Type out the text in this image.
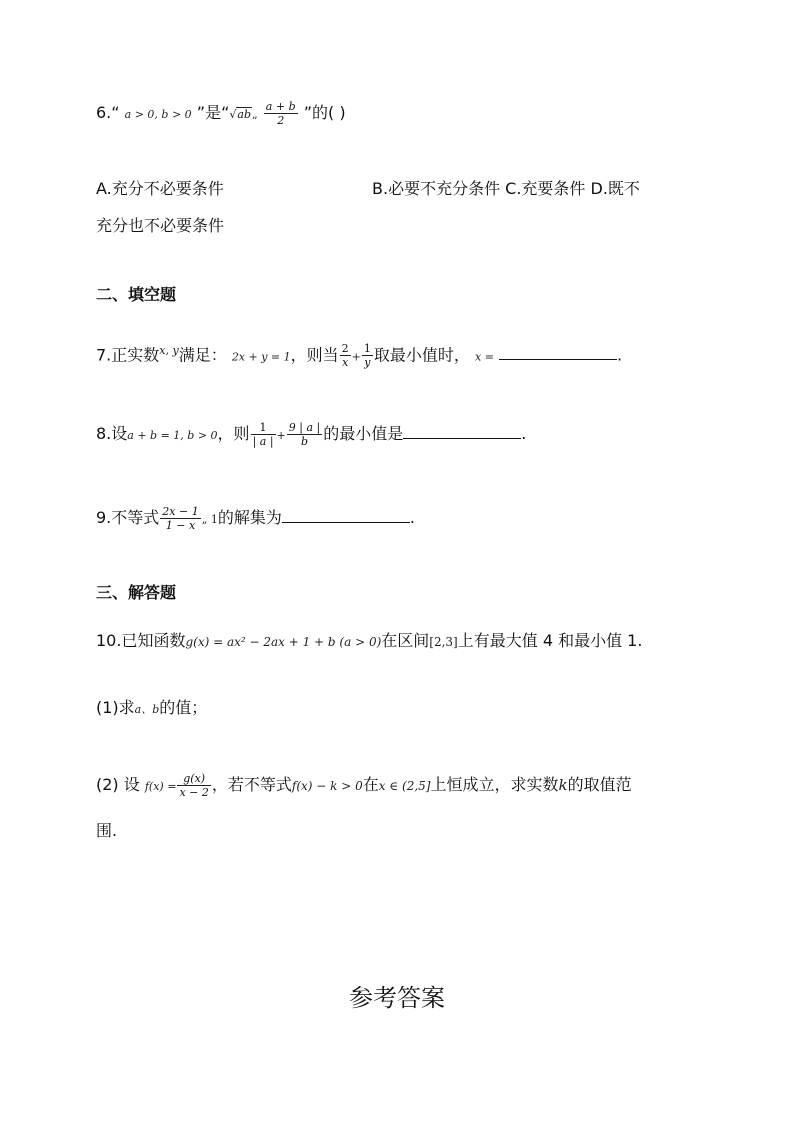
6.“ a > 0, b > 0 ”是“√ab„ $\frac{a + b}{2}$ ”的( )
A.充分不必要条件	B.必要不充分条件 C.充要条件 D.既不
充分也不必要条件
二、填空题
7.正实数$^{x, y}$满足： 2x + y = 1，则当 $\frac{2}{x} + \frac{1}{y}$ 取最小值时， x =	.
8.设a + b = 1, b > 0，则 $\frac{1}{| a |} + \frac{9 | a |}{b}$ 的最小值是	.
9.不等式 $\frac{2x - 1}{1 - x}$ „ 1的解集为	.
三、解答题
10.已知函数g(x) = ax² − 2ax + 1 + b (a > 0)在区间[2,3]上有最大值 4 和最小值 1.
(1)求a、b的值；
(2) 设 $f(x) = \frac{g(x)}{x - 2}$ ，若不等式f(x) − k > 0在x ∈ (2,5]上恒成立，求实数k的取值范
围.
参考答案
